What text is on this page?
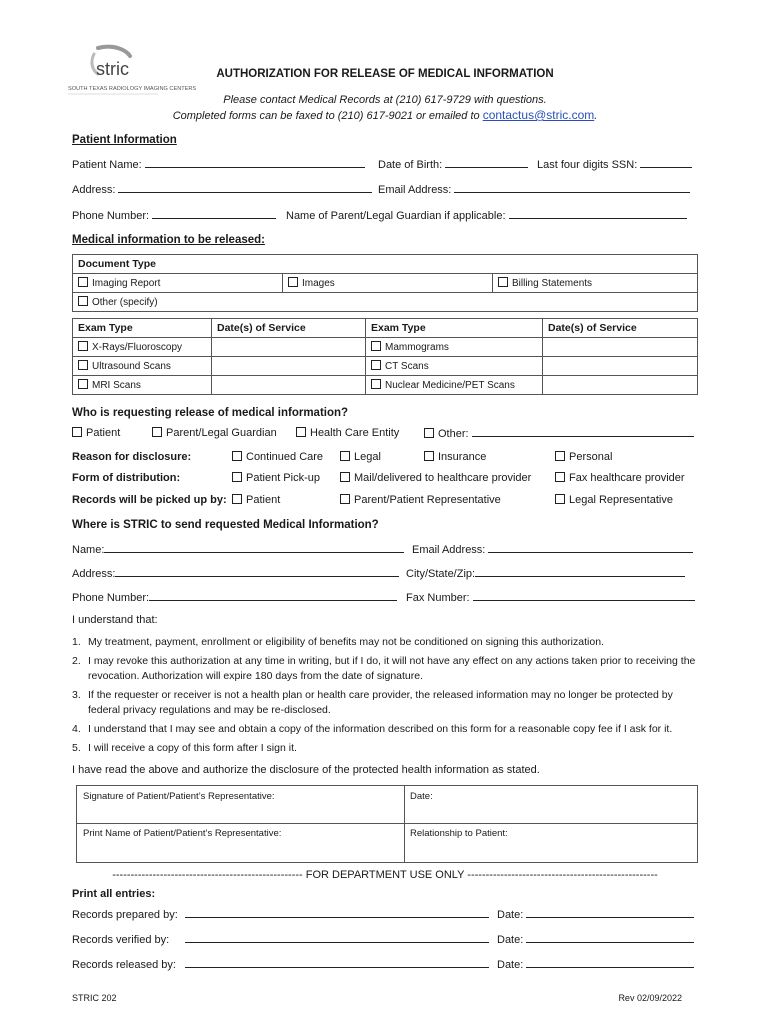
stric
SOUTH TEXAS RADIOLOGY IMAGING CENTERS
AUTHORIZATION FOR RELEASE OF MEDICAL INFORMATION
Please contact Medical Records at (210) 617-9729 with questions.
Completed forms can be faxed to (210) 617-9021 or emailed to contactus@stric.com.
Patient Information
Patient Name:	Date of Birth:	Last four digits SSN:
Address:	Email Address:
Phone Number:	Name of Parent/Legal Guardian if applicable:
Medical information to be released:
Document Type
Imaging Report	Images	Billing Statements
Other (specify)
Exam Type	Date(s) of Service	Exam Type	Date(s) of Service
X-Rays/Fluoroscopy		Mammograms	
Ultrasound Scans		CT Scans	
MRI Scans		Nuclear Medicine/PET Scans	
Who is requesting release of medical information?
Patient	Parent/Legal Guardian	Health Care Entity	Other:
Reason for disclosure:	Continued Care	Legal	Insurance	Personal
Form of distribution:	Patient Pick-up	Mail/delivered to healthcare provider	Fax healthcare provider
Records will be picked up by:	Patient	Parent/Patient Representative	Legal Representative
Where is STRIC to send requested Medical Information?
Name:	Email Address:
Address:	City/State/Zip:
Phone Number:	Fax Number:
I understand that:
1. My treatment, payment, enrollment or eligibility of benefits may not be conditioned on signing this authorization.
2. I may revoke this authorization at any time in writing, but if I do, it will not have any effect on any actions taken prior to receiving the revocation. Authorization will expire 180 days from the date of signature.
3. If the requester or receiver is not a health plan or health care provider, the released information may no longer be protected by federal privacy regulations and may be re-disclosed.
4. I understand that I may see and obtain a copy of the information described on this form for a reasonable copy fee if I ask for it.
5. I will receive a copy of this form after I sign it.
I have read the above and authorize the disclosure of the protected health information as stated.
Signature of Patient/Patient’s Representative:	Date:
Print Name of Patient/Patient’s Representative:	Relationship to Patient:
---------------------------------------------------- FOR DEPARTMENT USE ONLY ----------------------------------------------------
Print all entries:
Records prepared by:	Date:
Records verified by:	Date:
Records released by:	Date:
STRIC 202	Rev 02/09/2022
